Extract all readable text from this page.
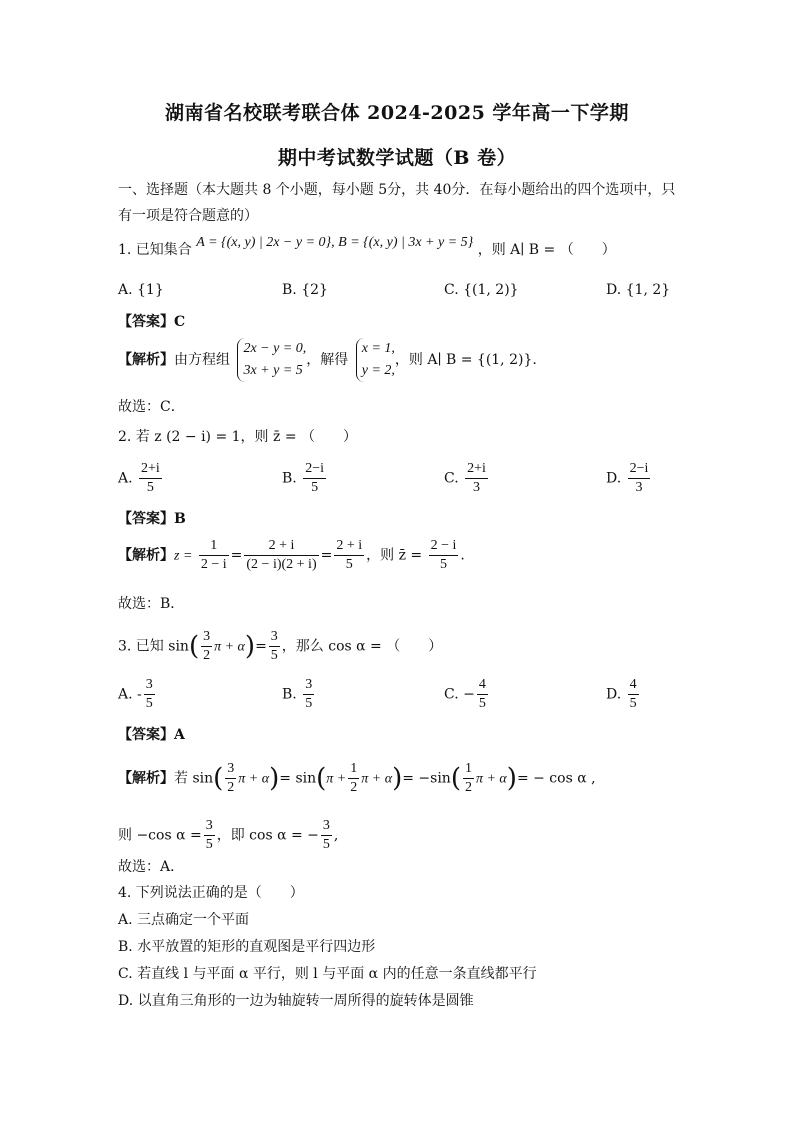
湖南省名校联考联合体 2024-2025 学年高一下学期
期中考试数学试题（B 卷）
一、选择题（本大题共 8 个小题，每小题 5分，共 40分．在每小题给出的四个选项中，只
有一项是符合题意的）
1. 已知集合 A = {(x, y) | 2x − y = 0}, B = {(x, y) | 3x + y = 5} ，则 A∣ B = （　　）
A. {1}	B. {2}	C. {(1, 2)}	D. {1, 2}
【答案】C
【解析】由方程组
2x − y = 0,
3x + y = 5
，解得
x = 1,
y = 2,
，则 A∣ B = {(1, 2)}.
故选：C．
2. 若 z (2 − i) = 1，则 z̄ = （　　）
A. $\frac{2+i}{5}$	B. $\frac{2-i}{5}$	C. $\frac{2+i}{3}$	D. $\frac{2-i}{3}$
【答案】B
【解析】$z = \frac{1}{2 - i} = \frac{2 + i}{(2 - i)(2 + i)} = \frac{2 + i}{5}$ ，则 z̄ = $\frac{2 - i}{5}$ .
故选：B．
3. 已知 $\sin( \frac{3}{2}$ $\pi + \alpha)= \frac{3}{5}$ ，那么 cos α = （　　）
A. - $\frac{3}{5}$	B. $\frac{3}{5}$	C. − $\frac{4}{5}$	D. $\frac{4}{5}$
【答案】A
【解析】若 $\sin( \frac{3}{2}$ $\pi + \alpha)= \sin(\pi + \frac{1}{2}$ $\pi + \alpha)= -\sin( \frac{1}{2}$ π + α)= − cos α ,
则 −cos $\alpha = \frac{3}{5}$ ，即 cos α = − $\frac{3}{5}$ ,
故选：A．
4. 下列说法正确的是（　　）
A. 三点确定一个平面
B. 水平放置的矩形的直观图是平行四边形
C. 若直线 l 与平面 α 平行，则 l 与平面 α 内的任意一条直线都平行
D. 以直角三角形的一边为轴旋转一周所得的旋转体是圆锥
